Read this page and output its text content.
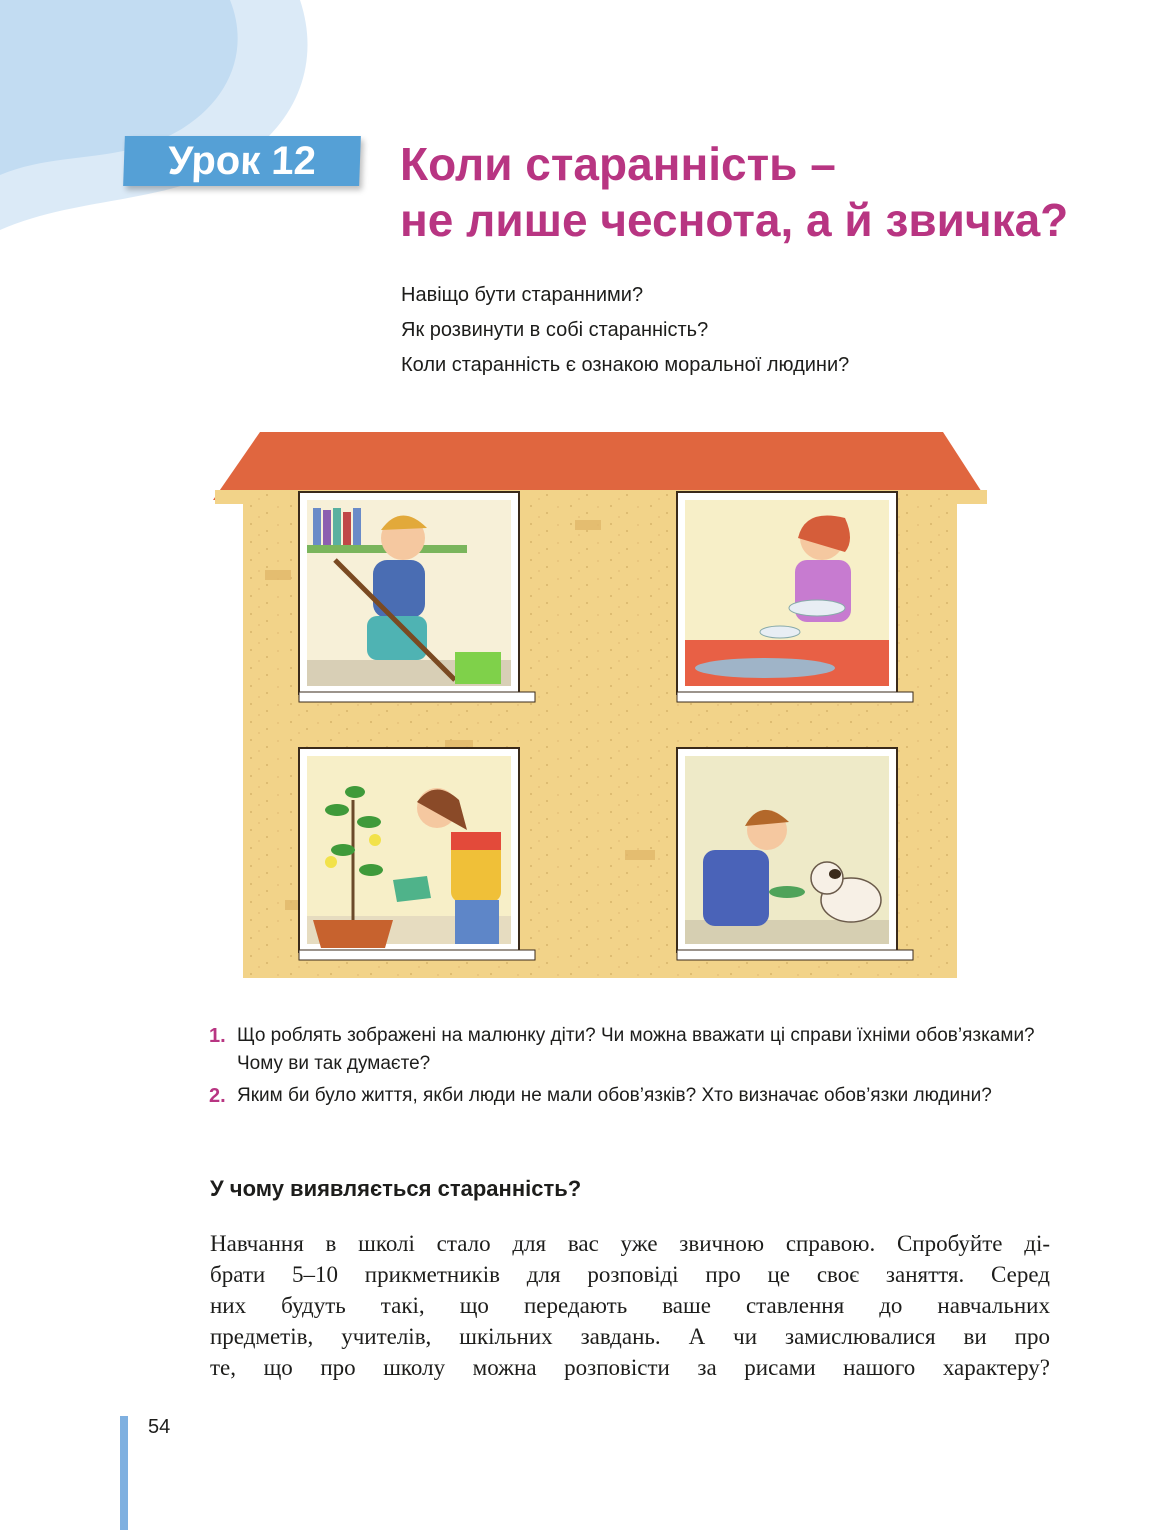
Урок 12	Коли старанність –
не лише чеснота, а й звичка?
Навіщо бути старанними?
Як розвинути в собі старанність?
Коли старанність є ознакою моральної людини?
1. Що роблять зображені на малюнку діти? Чи можна вважати ці справи їхніми обов’язками? Чому ви так думаєте?
2. Яким би було життя, якби люди не мали обов’язків? Хто визначає обов’язки людини?
У чому виявляється старанність?
Навчання в школі стало для вас уже звичною справою. Спробуйте ді-
брати 5–10 прикметників для розповіді про це своє заняття. Серед
них будуть такі, що передають ваше ставлення до навчальних
предметів, учителів, шкільних завдань. А чи замислювалися ви про
те, що про школу можна розповісти за рисами нашого характеру?
54
